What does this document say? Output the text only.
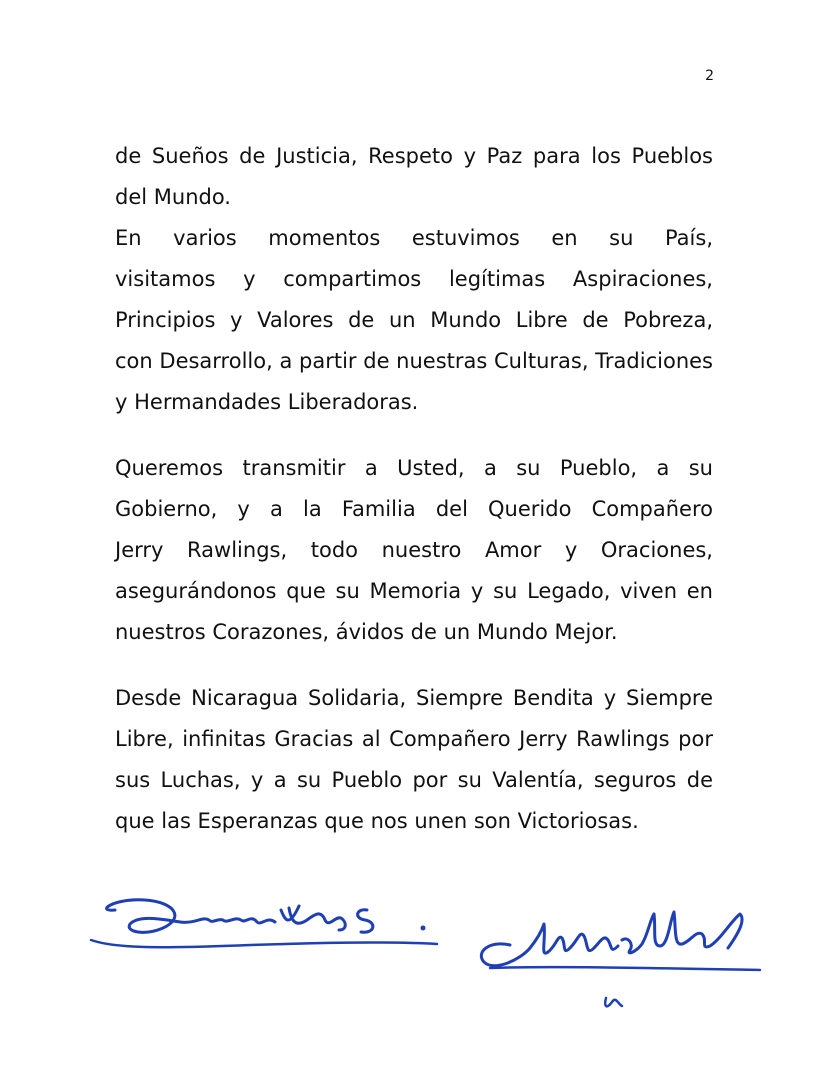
2

de Sueños de Justicia, Respeto y Paz para los Pueblos
del Mundo.

En varios momentos estuvimos en su País,
visitamos y compartimos legítimas Aspiraciones,
Principios y Valores de un Mundo Libre de Pobreza,
con Desarrollo, a partir de nuestras Culturas, Tradiciones
y Hermandades Liberadoras.

Queremos transmitir a Usted, a su Pueblo, a su
Gobierno, y a la Familia del Querido Compañero
Jerry Rawlings, todo nuestro Amor y Oraciones,
asegurándonos que su Memoria y su Legado, viven en
nuestros Corazones, ávidos de un Mundo Mejor.

Desde Nicaragua Solidaria, Siempre Bendita y Siempre
Libre, infinitas Gracias al Compañero Jerry Rawlings por
sus Luchas, y a su Pueblo por su Valentía, seguros de
que las Esperanzas que nos unen son Victoriosas.
